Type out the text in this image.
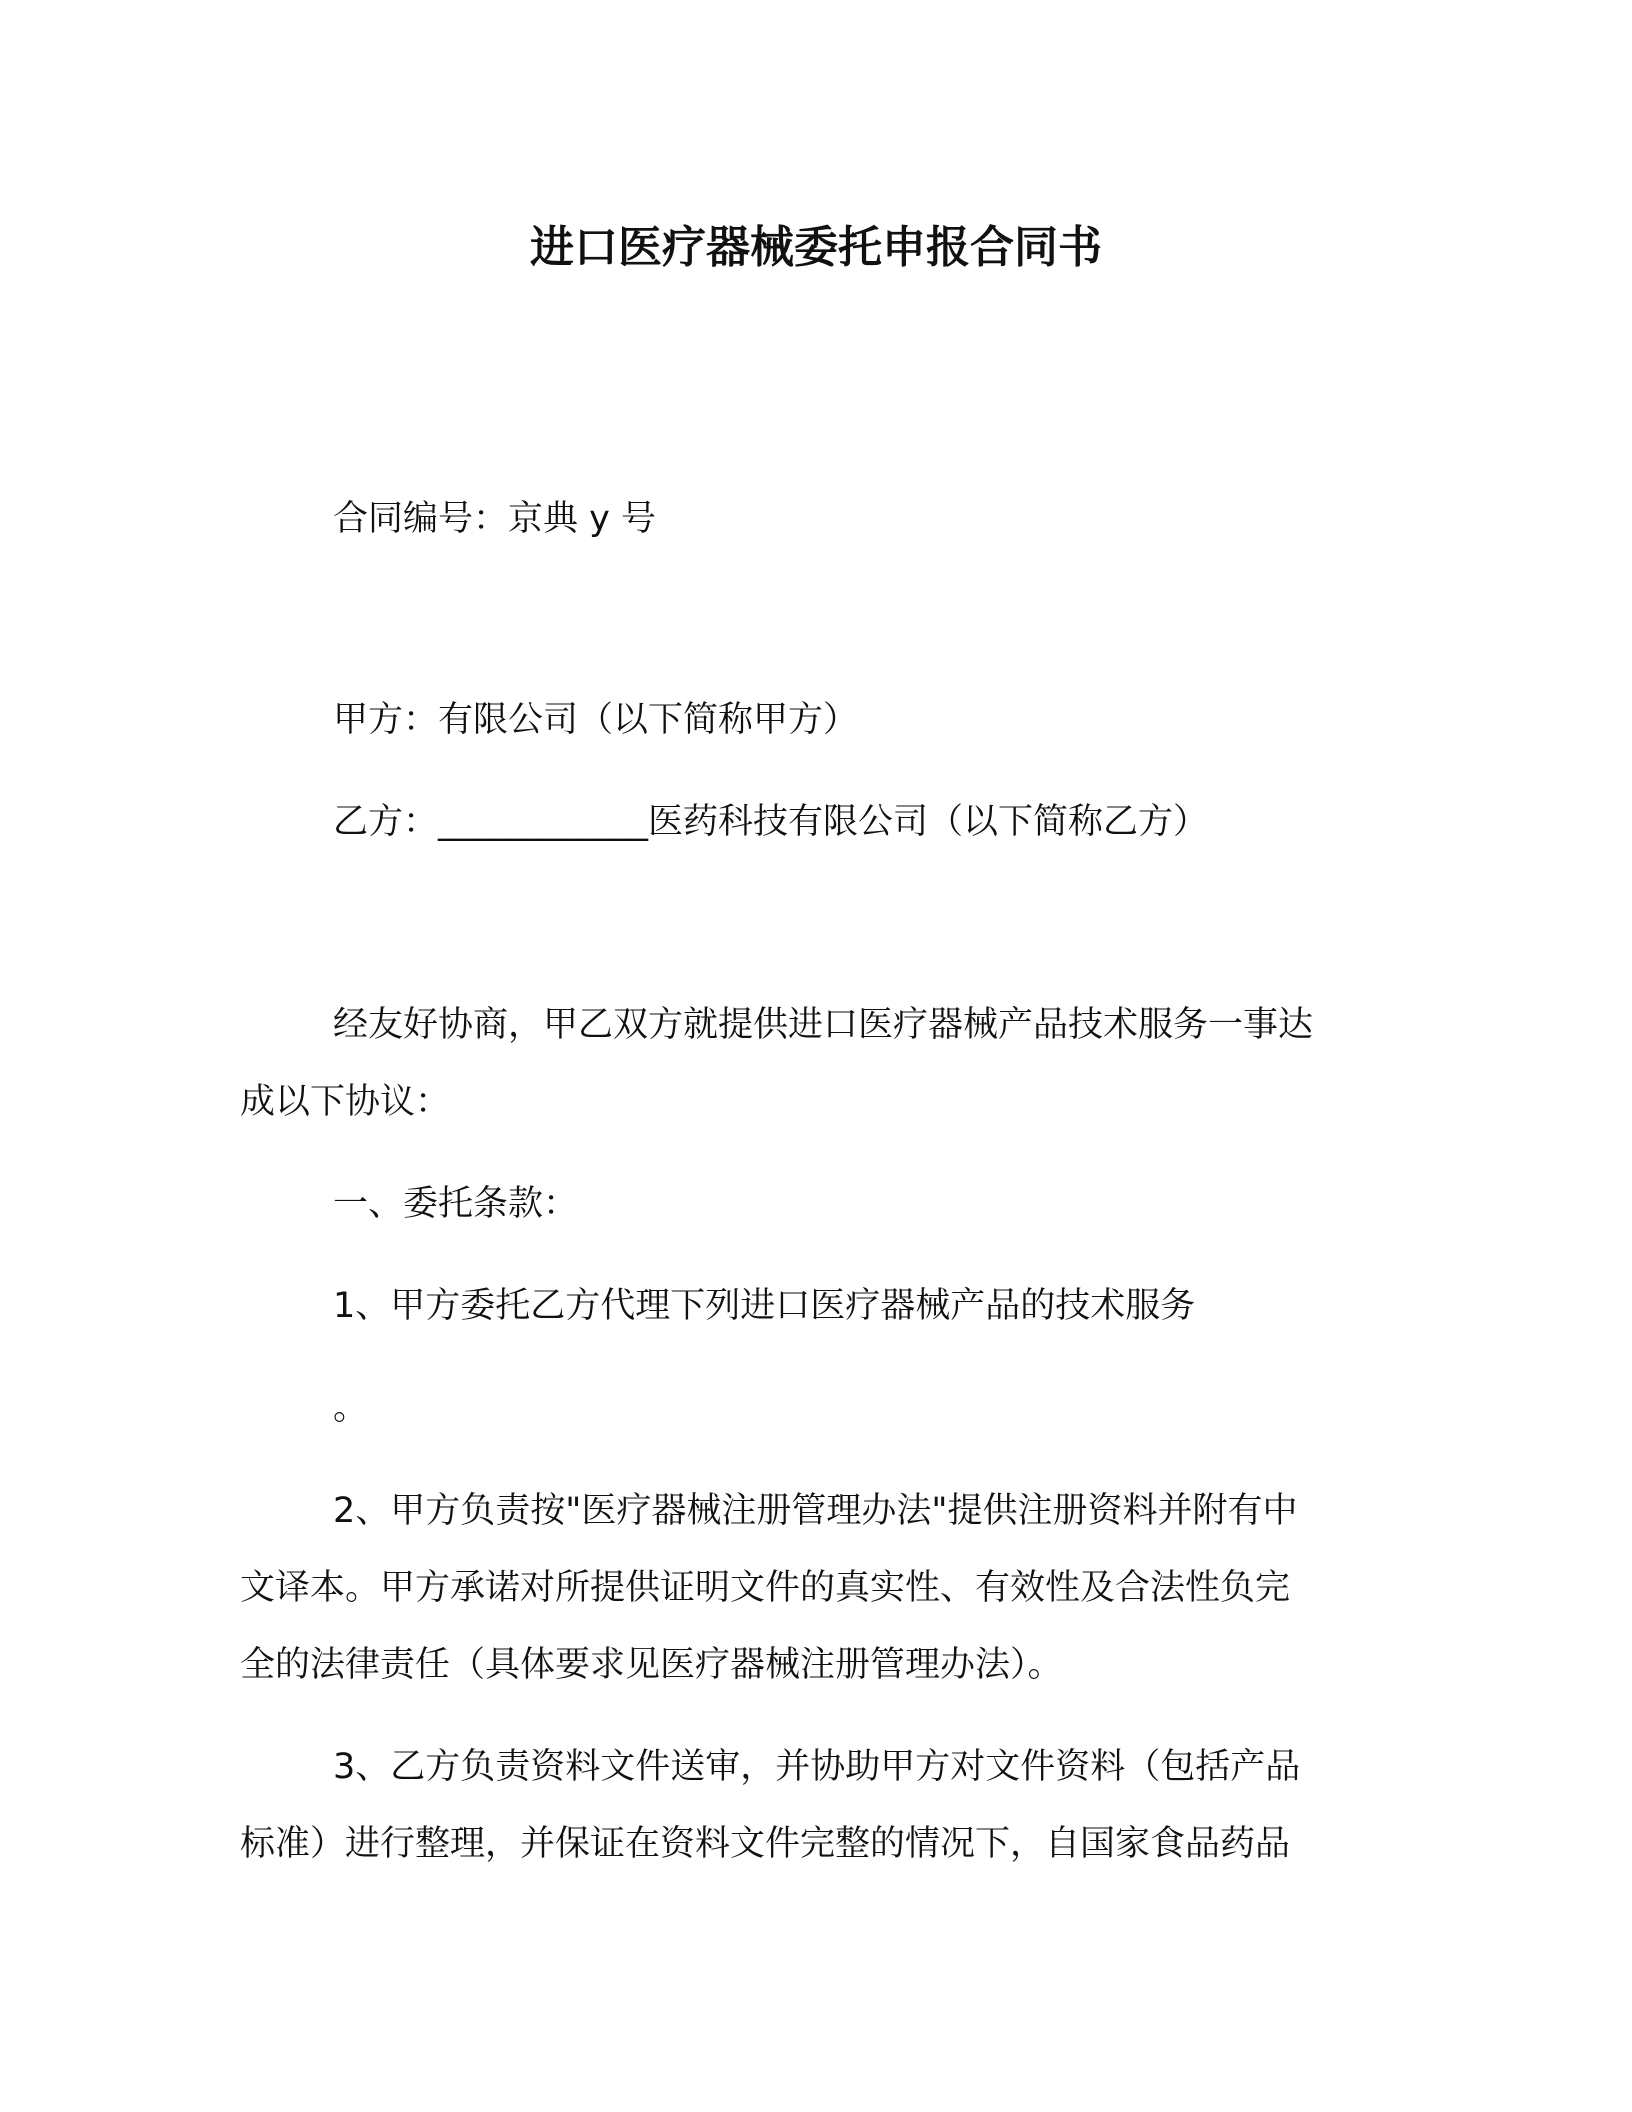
进口医疗器械委托申报合同书
合同编号：京典 y 号
甲方：有限公司（以下简称甲方）
乙方：____________医药科技有限公司（以下简称乙方）
经友好协商，甲乙双方就提供进口医疗器械产品技术服务一事达
成以下协议：
一、委托条款：
1、甲方委托乙方代理下列进口医疗器械产品的技术服务
。
2、甲方负责按"医疗器械注册管理办法"提供注册资料并附有中
文译本。甲方承诺对所提供证明文件的真实性、有效性及合法性负完
全的法律责任（具体要求见医疗器械注册管理办法）。
3、乙方负责资料文件送审，并协助甲方对文件资料（包括产品
标准）进行整理，并保证在资料文件完整的情况下，自国家食品药品
